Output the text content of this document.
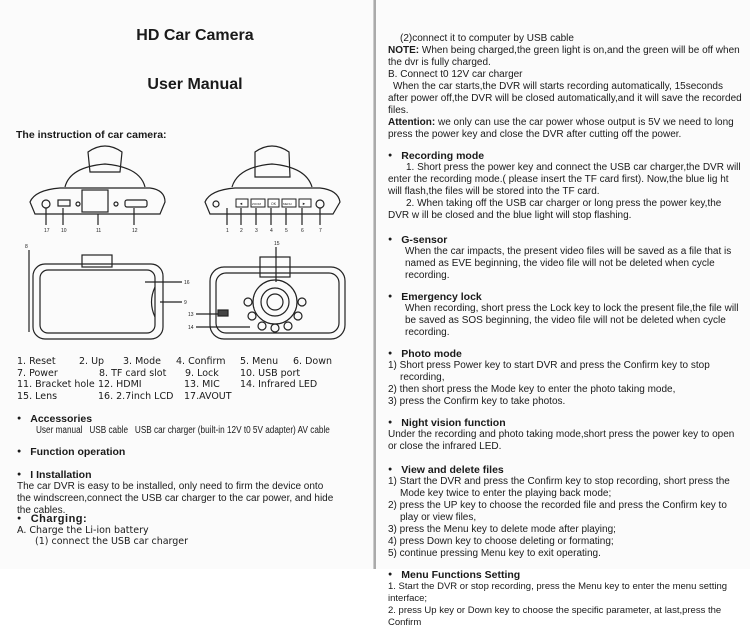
HD Car Camera
User Manual
The instruction of car camera:
◄	ZOOM	OK MENU	►
17 10	11	12	1 2 3 4 5	6	7
8
16
9
15
13
14
1. Reset	2. Up	3. Mode	4. Confirm	5. Menu	6. Down
7. Power	8. TF card slot	9. Lock	10. USB port
11. Bracket hole 12. HDMI	13. MIC	14. Infrared LED
15. Lens	16. 2.7inch LCD	17.AVOUT
● Accessories
User manual   USB cable   USB car charger (built-in 12V t0 5V adapter) AV cable
● Function operation
● I Installation
The car DVR is easy to be installed, only need to firm the device onto the windscreen,connect the USB car charger to the car power, and hide the cables.
● Charging:
A. Charge the Li-ion battery
(1) connect the USB car charger
(2)connect it to computer by USB cable
NOTE: When being charged,the green light is on,and the green will be off when the dvr is fully charged.
B. Connect t0 12V car charger
When the car starts,the DVR will starts recording automatically, 15seconds after power off,the DVR will be closed automatically,and it will save the recorded files.
Attention: we only can use the car power whose output is 5V we need to long press the power key and close the DVR after cutting off the power.
● Recording mode
1. Short press the power key and connect the USB car charger,the DVR will enter the recording mode.( please insert the TF card first). Now,the blue lig ht will flash,the files will be stored into the TF card.
2. When taking off the USB car charger or long press the power key,the DVR w ill be closed and the blue light will stop flashing.
● G-sensor
When the car impacts, the present video files will be saved as a file that is named as EVE beginning, the video file will not be deleted when cycle recording.
● Emergency lock
When recording, short press the Lock key to lock the present file,the file will be saved as SOS beginning, the video file will not be deleted when cycle recording.
● Photo mode
1) Short press Power key to start DVR and press the Confirm key to stop recording,
2) then short press the Mode key to enter the photo taking mode,
3) press the Confirm key to take photos.
● Night vision function
Under the recording and photo taking mode,short press the power key to open or close the infrared LED.
● View and delete files
1) Start the DVR and press the Confirm key to stop recording, short press the Mode key twice to enter the playing back mode;
2) press the UP key to choose the recorded file and press the Confirm key to play or view files,
3) press the Menu key to delete mode after playing;
4) press Down key to choose deleting or formating;
5) continue pressing Menu key to exit operating.
● Menu Functions Setting
1. Start the DVR or stop recording, press the Menu key to enter the menu setting interface;
2. press Up key or Down key to choose the specific parameter, at last,press the Confirm
